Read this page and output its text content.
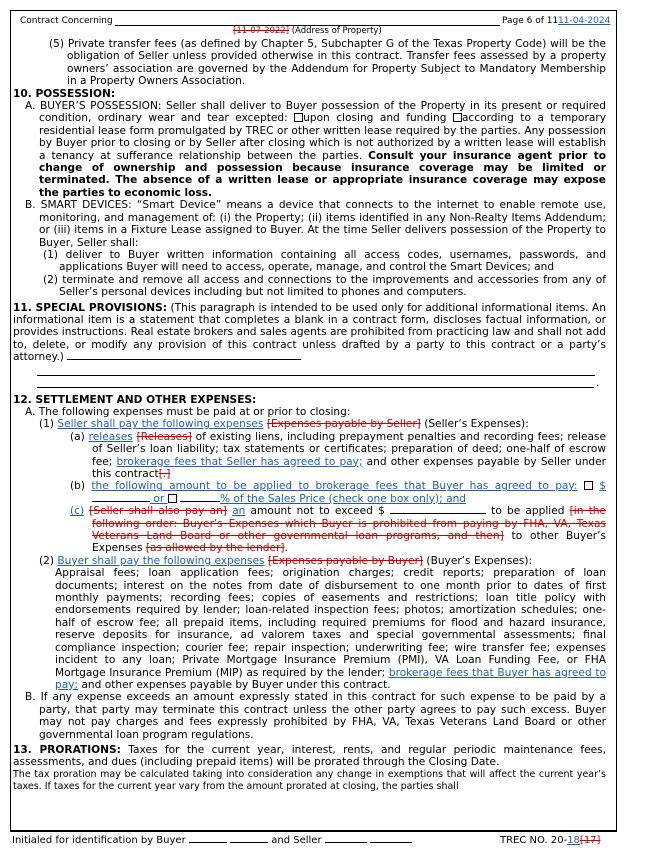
Contract Concerning	Page 6 of 11 11-04-2024
[11-07-2022] (Address of Property)

(5) Private transfer fees (as defined by Chapter 5, Subchapter G of the Texas Property Code) will be the obligation of Seller unless provided otherwise in this contract. Transfer fees assessed by a property owners’ association are governed by the Addendum for Property Subject to Mandatory Membership in a Property Owners Association.

10. POSSESSION:

A. BUYER’S POSSESSION: Seller shall deliver to Buyer possession of the Property in its present or required condition, ordinary wear and tear excepted: upon closing and funding according to a temporary residential lease form promulgated by TREC or other written lease required by the parties. Any possession by Buyer prior to closing or by Seller after closing which is not authorized by a written lease will establish a tenancy at sufferance relationship between the parties. Consult your insurance agent prior to change of ownership and possession because insurance coverage may be limited or terminated. The absence of a written lease or appropriate insurance coverage may expose the parties to economic loss.

B. SMART DEVICES: “Smart Device” means a device that connects to the internet to enable remote use, monitoring, and management of: (i) the Property; (ii) items identified in any Non-Realty Items Addendum; or (iii) items in a Fixture Lease assigned to Buyer. At the time Seller delivers possession of the Property to Buyer, Seller shall:

(1) deliver to Buyer written information containing all access codes, usernames, passwords, and applications Buyer will need to access, operate, manage, and control the Smart Devices; and

(2) terminate and remove all access and connections to the improvements and accessories from any of Seller’s personal devices including but not limited to phones and computers.

11. SPECIAL PROVISIONS: (This paragraph is intended to be used only for additional informational items. An informational item is a statement that completes a blank in a contract form, discloses factual information, or provides instructions. Real estate brokers and sales agents are prohibited from practicing law and shall not add to, delete, or modify any provision of this contract unless drafted by a party to this contract or a party’s attorney.)

.

12. SETTLEMENT AND OTHER EXPENSES:

A. The following expenses must be paid at or prior to closing:

(1) Seller shall pay the following expenses [Expenses payable by Seller] (Seller’s Expenses):

(a) releases [Releases] of existing liens, including prepayment penalties and recording fees; release of Seller’s loan liability; tax statements or certificates; preparation of deed; one-half of escrow fee; brokerage fees that Seller has agreed to pay; and other expenses payable by Seller under this contract[.]

(b) the following amount to be applied to brokerage fees that Buyer has agreed to pay: $  or	% of the Sales Price (check one box only); and

(c) [Seller shall also pay an] an amount not to exceed $	to be applied [in the following order: Buyer’s Expenses which Buyer is prohibited from paying by FHA, VA, Texas Veterans Land Board or other governmental loan programs, and then] to other Buyer’s Expenses [as allowed by the lender].

(2) Buyer shall pay the following expenses [Expenses payable by Buyer] (Buyer’s Expenses):

Appraisal fees; loan application fees; origination charges; credit reports; preparation of loan documents; interest on the notes from date of disbursement to one month prior to dates of first monthly payments; recording fees; copies of easements and restrictions; loan title policy with endorsements required by lender; loan-related inspection fees; photos; amortization schedules; one-half of escrow fee; all prepaid items, including required premiums for flood and hazard insurance, reserve deposits for insurance, ad valorem taxes and special governmental assessments; final compliance inspection; courier fee; repair inspection; underwriting fee; wire transfer fee; expenses incident to any loan; Private Mortgage Insurance Premium (PMI), VA Loan Funding Fee, or FHA Mortgage Insurance Premium (MIP) as required by the lender; brokerage fees that Buyer has agreed to pay; and other expenses payable by Buyer under this contract.

B. If any expense exceeds an amount expressly stated in this contract for such expense to be paid by a party, that party may terminate this contract unless the other party agrees to pay such excess. Buyer may not pay charges and fees expressly prohibited by FHA, VA, Texas Veterans Land Board or other governmental loan program regulations.

13. PRORATIONS: Taxes for the current year, interest, rents, and regular periodic maintenance fees, assessments, and dues (including prepaid items) will be prorated through the Closing Date.

The tax proration may be calculated taking into consideration any change in exemptions that will affect the current year’s taxes. If taxes for the current year vary from the amount prorated at closing, the parties shall

Initialed for identification by Buyer	and Seller	TREC NO. 20-18[17]
